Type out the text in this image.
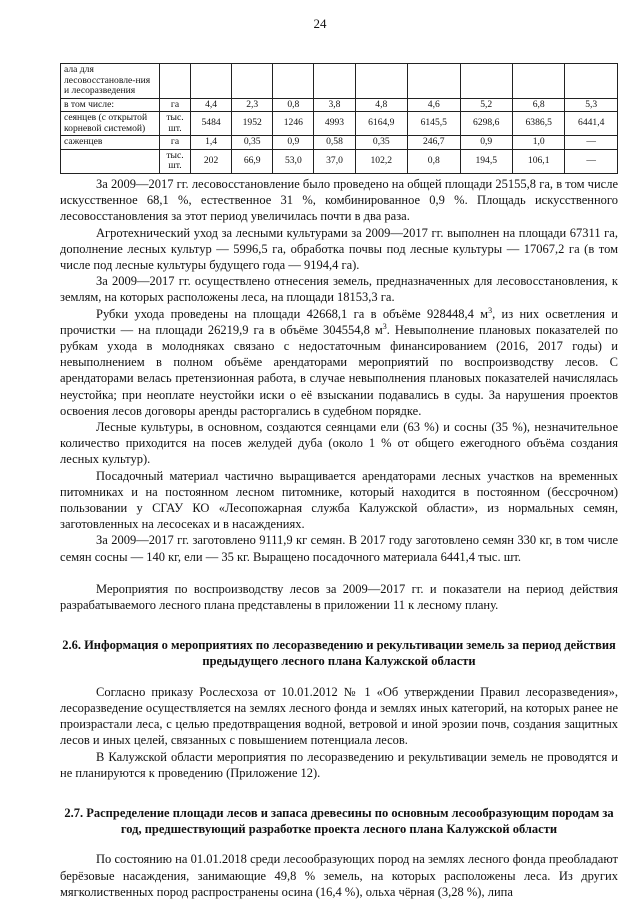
24
ала для лесовосстановле-ния и лесоразведения										
в том числе:	га	4,4	2,3	0,8	3,8	4,8	4,6	5,2	6,8	5,3
сеянцев (с открытой корневой системой)	тыс. шт.	5484	1952	1246	4993	6164,9	6145,5	6298,6	6386,5	6441,4
саженцев	га	1,4	0,35	0,9	0,58	0,35	246,7	0,9	1,0	—
	тыс. шт.	202	66,9	53,0	37,0	102,2	0,8	194,5	106,1	—

За 2009—2017 гг. лесовосстановление было проведено на общей площади 25155,8 га, в том числе искусственное 68,1 %, естественное 31 %, комбинированное 0,9 %. Площадь искусственного лесовосстановления за этот период увеличилась почти в два раза.

Агротехнический уход за лесными культурами за 2009—2017 гг. выполнен на площади 67311 га, дополнение лесных культур — 5996,5 га, обработка почвы под лесные культуры — 17067,2 га (в том числе под лесные культуры будущего года — 9194,4 га).

За 2009—2017 гг. осуществлено отнесения земель, предназначенных для лесовосстановления, к землям, на которых расположены леса, на площади 18153,3 га.

Рубки ухода проведены на площади 42668,1 га в объёме 928448,4 $м^3$, из них осветления и прочистки — на площади 26219,9 га в объёме 304554,8 $м^3$. Невыполнение плановых показателей по рубкам ухода в молодняках связано с недостаточным финансированием (2016, 2017 годы) и невыполнением в полном объёме арендаторами мероприятий по воспроизводству лесов. С арендаторами велась претензионная работа, в случае невыполнения плановых показателей начислялась неустойка; при неоплате неустойки иски о её взыскании подавались в суды. За нарушения проектов освоения лесов договоры аренды расторгались в судебном порядке.

Лесные культуры, в основном, создаются сеянцами ели (63 %) и сосны (35 %), незначительное количество приходится на посев желудей дуба (около 1 % от общего ежегодного объёма создания лесных культур).

Посадочный материал частично выращивается арендаторами лесных участков на временных питомниках и на постоянном лесном питомнике, который находится в постоянном (бессрочном) пользовании у СГАУ КО «Лесопожарная служба Калужской области», из нормальных семян, заготовленных на лесосеках и в насаждениях.

За 2009—2017 гг. заготовлено 9111,9 кг семян. В 2017 году заготовлено семян 330 кг, в том числе семян сосны — 140 кг, ели — 35 кг. Выращено посадочного материала 6441,4 тыс. шт.

Мероприятия по воспроизводству лесов за 2009—2017 гг. и показатели на период действия разрабатываемого лесного плана представлены в приложении 11 к лесному плану.

2.6. Информация о мероприятиях по лесоразведению и рекультивации земель за период действия предыдущего лесного плана Калужской области

Согласно приказу Рослесхоза от 10.01.2012 № 1 «Об утверждении Правил лесоразведения», лесоразведение осуществляется на землях лесного фонда и землях иных категорий, на которых ранее не произрастали леса, с целью предотвращения водной, ветровой и иной эрозии почв, создания защитных лесов и иных целей, связанных с повышением потенциала лесов.

В Калужской области мероприятия по лесоразведению и рекультивации земель не проводятся и не планируются к проведению (Приложение 12).

2.7. Распределение площади лесов и запаса древесины по основным лесообразующим породам за год, предшествующий разработке проекта лесного плана Калужской области

По состоянию на 01.01.2018 среди лесообразующих пород на землях лесного фонда преобладают берёзовые насаждения, занимающие 49,8 % земель, на которых расположены леса. Из других мягколиственных пород распространены осина (16,4 %), ольха чёрная (3,28 %), липа
